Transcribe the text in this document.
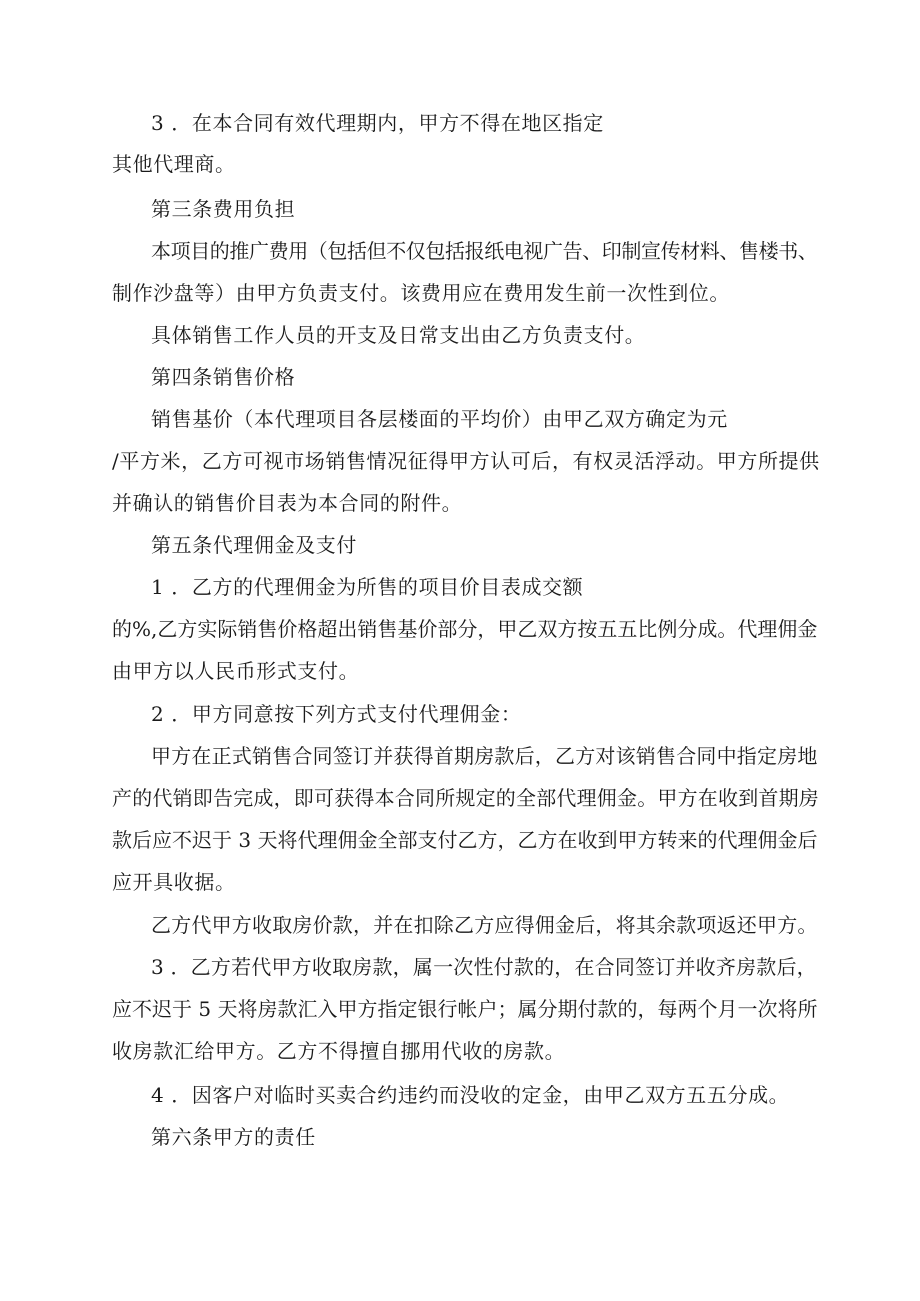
3 ．在本合同有效代理期内，甲方不得在地区指定
其他代理商。
第三条费用负担
本项目的推广费用（包括但不仅包括报纸电视广告、印制宣传材料、售楼书、
制作沙盘等）由甲方负责支付。该费用应在费用发生前一次性到位。
具体销售工作人员的开支及日常支出由乙方负责支付。
第四条销售价格
销售基价（本代理项目各层楼面的平均价）由甲乙双方确定为元
/平方米，乙方可视市场销售情况征得甲方认可后，有权灵活浮动。甲方所提供
并确认的销售价目表为本合同的附件。
第五条代理佣金及支付
1 ．乙方的代理佣金为所售的项目价目表成交额
的%,乙方实际销售价格超出销售基价部分，甲乙双方按五五比例分成。代理佣金
由甲方以人民币形式支付。
2 ．甲方同意按下列方式支付代理佣金：
甲方在正式销售合同签订并获得首期房款后，乙方对该销售合同中指定房地
产的代销即告完成，即可获得本合同所规定的全部代理佣金。甲方在收到首期房
款后应不迟于 3 天将代理佣金全部支付乙方，乙方在收到甲方转来的代理佣金后
应开具收据。
乙方代甲方收取房价款，并在扣除乙方应得佣金后，将其余款项返还甲方。
3 ．乙方若代甲方收取房款，属一次性付款的，在合同签订并收齐房款后，
应不迟于 5 天将房款汇入甲方指定银行帐户；属分期付款的，每两个月一次将所
收房款汇给甲方。乙方不得擅自挪用代收的房款。
4 ．因客户对临时买卖合约违约而没收的定金，由甲乙双方五五分成。
第六条甲方的责任
